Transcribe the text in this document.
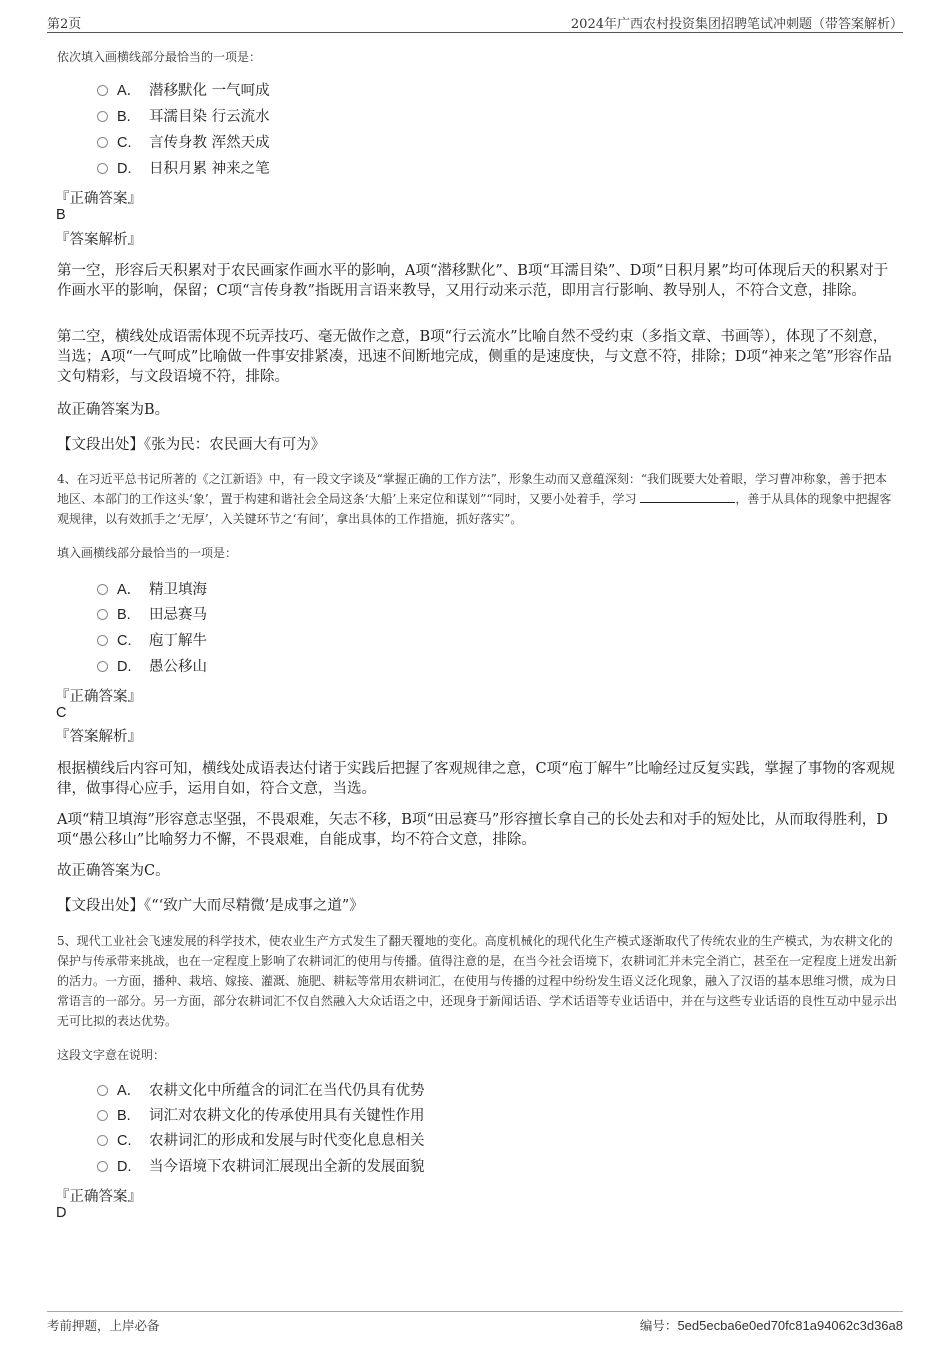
第2页	2024年广西农村投资集团招聘笔试冲刺题（带答案解析）
依次填入画横线部分最恰当的一项是：
A． 潜移默化 一气呵成
B. 耳濡目染 行云流水
C. 言传身教 浑然天成
D. 日积月累 神来之笔
『正确答案』
B
『答案解析』
第一空，形容后天积累对于农民画家作画水平的影响，A项“潜移默化”、B项“耳濡目染”、D项“日积月累”均可体现后天的积累对于作画水平的影响，保留；C项“言传身教”指既用言语来教导，又用行动来示范，即用言行影响、教导别人，不符合文意，排除。
第二空，横线处成语需体现不玩弄技巧、毫无做作之意，B项“行云流水”比喻自然不受约束（多指文章、书画等），体现了不刻意，当选；A项“一气呵成”比喻做一件事安排紧凑，迅速不间断地完成，侧重的是速度快，与文意不符，排除；D项“神来之笔”形容作品文句精彩，与文段语境不符，排除。
故正确答案为B。
【文段出处】《张为民：农民画大有可为》
4、在习近平总书记所著的《之江新语》中，有一段文字谈及“掌握正确的工作方法”，形象生动而又意蕴深刻：“我们既要大处着眼，学习曹冲称象，善于把本地区、本部门的工作这头‘象’，置于构建和谐社会全局这条‘大船’上来定位和谋划”“同时，又要小处着手，学习	，善于从具体的现象中把握客观规律，以有效抓手之‘无厚’，入关键环节之‘有间’，拿出具体的工作措施，抓好落实”。
填入画横线部分最恰当的一项是：
A． 精卫填海
B. 田忌赛马
C. 庖丁解牛
D. 愚公移山
『正确答案』
C
『答案解析』
根据横线后内容可知，横线处成语表达付诸于实践后把握了客观规律之意，C项“庖丁解牛”比喻经过反复实践，掌握了事物的客观规律，做事得心应手，运用自如，符合文意，当选。
A项“精卫填海”形容意志坚强，不畏艰难，矢志不移，B项“田忌赛马”形容擅长拿自己的长处去和对手的短处比，从而取得胜利，D项“愚公移山”比喻努力不懈，不畏艰难，自能成事，均不符合文意，排除。
故正确答案为C。
【文段出处】《“‘致广大而尽精微’是成事之道”》
5、现代工业社会飞速发展的科学技术，使农业生产方式发生了翻天覆地的变化。高度机械化的现代化生产模式逐渐取代了传统农业的生产模式，为农耕文化的保护与传承带来挑战，也在一定程度上影响了农耕词汇的使用与传播。值得注意的是，在当今社会语境下，农耕词汇并未完全消亡，甚至在一定程度上迸发出新的活力。一方面，播种、栽培、嫁接、灌溉、施肥、耕耘等常用农耕词汇，在使用与传播的过程中纷纷发生语义泛化现象，融入了汉语的基本思维习惯，成为日常语言的一部分。另一方面，部分农耕词汇不仅自然融入大众话语之中，还现身于新闻话语、学术话语等专业话语中，并在与这些专业话语的良性互动中显示出无可比拟的表达优势。
这段文字意在说明：
A． 农耕文化中所蕴含的词汇在当代仍具有优势
B. 词汇对农耕文化的传承使用具有关键性作用
C. 农耕词汇的形成和发展与时代变化息息相关
D. 当今语境下农耕词汇展现出全新的发展面貌
『正确答案』
D
考前押题，上岸必备	编号：5ed5ecba6e0ed70fc81a94062c3d36a8
